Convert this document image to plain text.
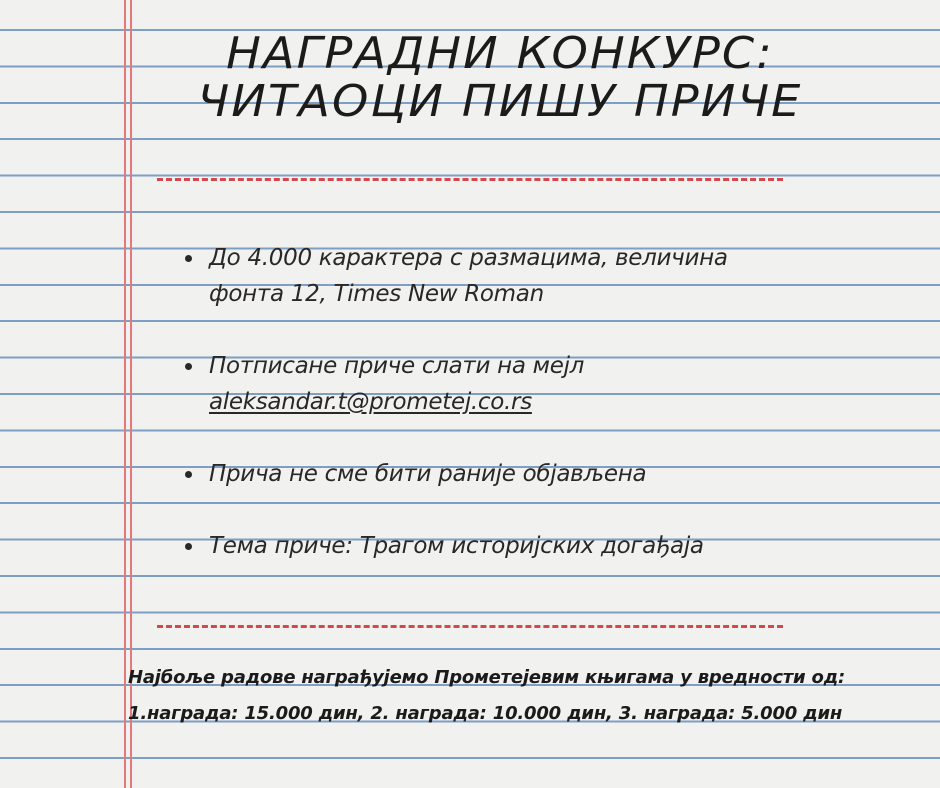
НАГРАДНИ КОНКУРС:
ЧИТАОЦИ ПИШУ ПРИЧЕ
До 4.000 карактера с размацима, величина
фонта 12, Times New Roman
Потписане приче слати на мејл
aleksandar.t@prometej.co.rs
Прича не сме бити раније објављена
Тема приче: Трагом историјских догађаја
Најбоље радове награђујемо Прометејевим књигама у вредности од:
1.награда: 15.000 дин, 2. награда: 10.000 дин, 3. награда: 5.000 дин
